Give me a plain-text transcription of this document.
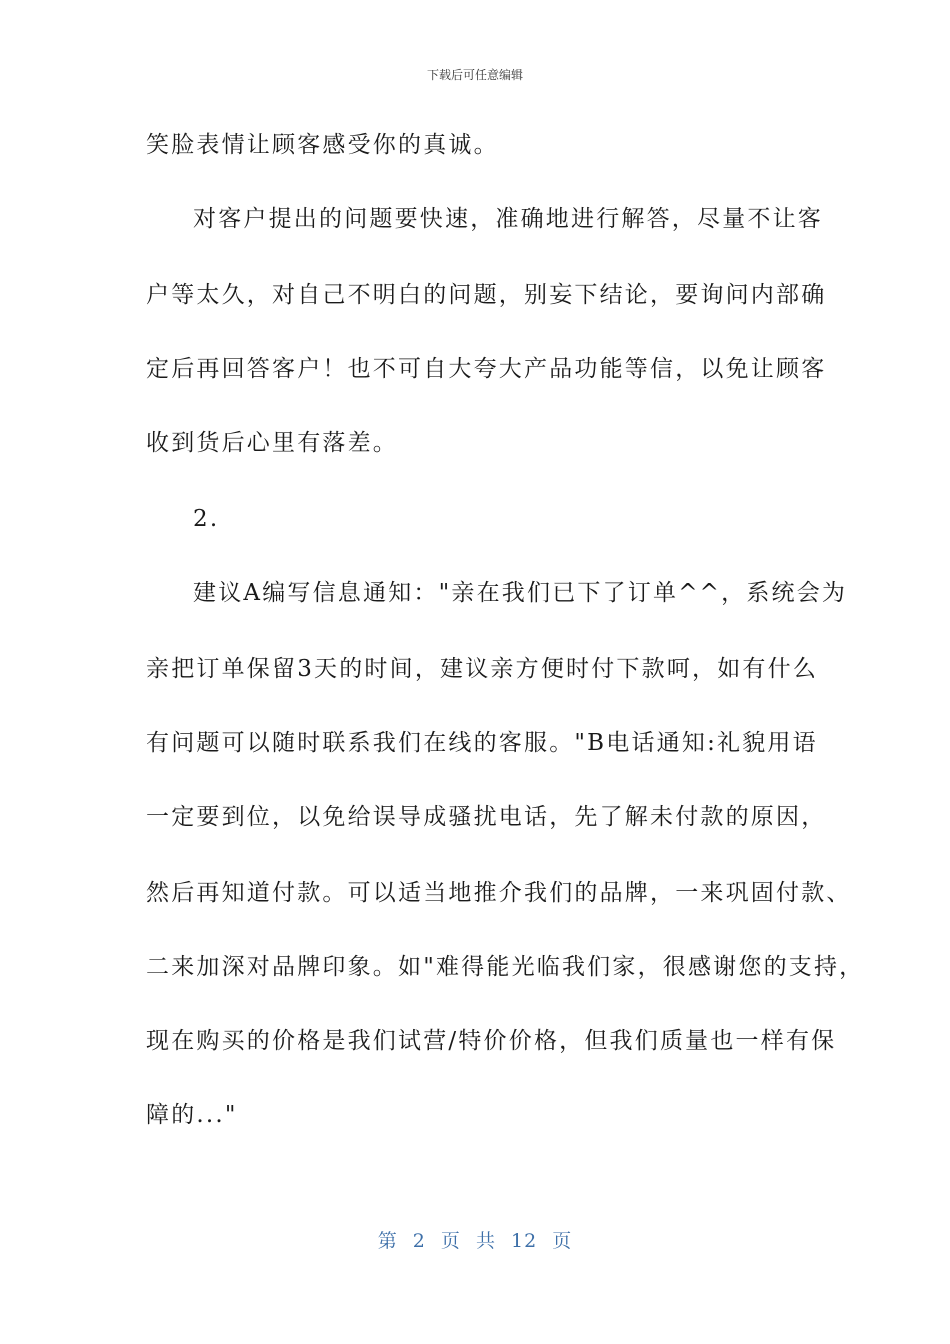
下载后可任意编辑
笑脸表情让顾客感受你的真诚。
对客户提出的问题要快速，准确地进行解答，尽量不让客
户等太久，对自己不明白的问题，别妄下结论，要询问内部确
定后再回答客户！也不可自大夸大产品功能等信，以免让顾客
收到货后心里有落差。
2.
建议A编写信息通知："亲在我们已下了订单^^，系统会为
亲把订单保留3天的时间，建议亲方便时付下款呵，如有什么
有问题可以随时联系我们在线的客服。"B电话通知:礼貌用语
一定要到位，以免给误导成骚扰电话，先了解未付款的原因，
然后再知道付款。可以适当地推介我们的品牌，一来巩固付款、
二来加深对品牌印象。如"难得能光临我们家，很感谢您的支持，
现在购买的价格是我们试营/特价价格，但我们质量也一样有保
障的..."
第 2 页 共 12 页
